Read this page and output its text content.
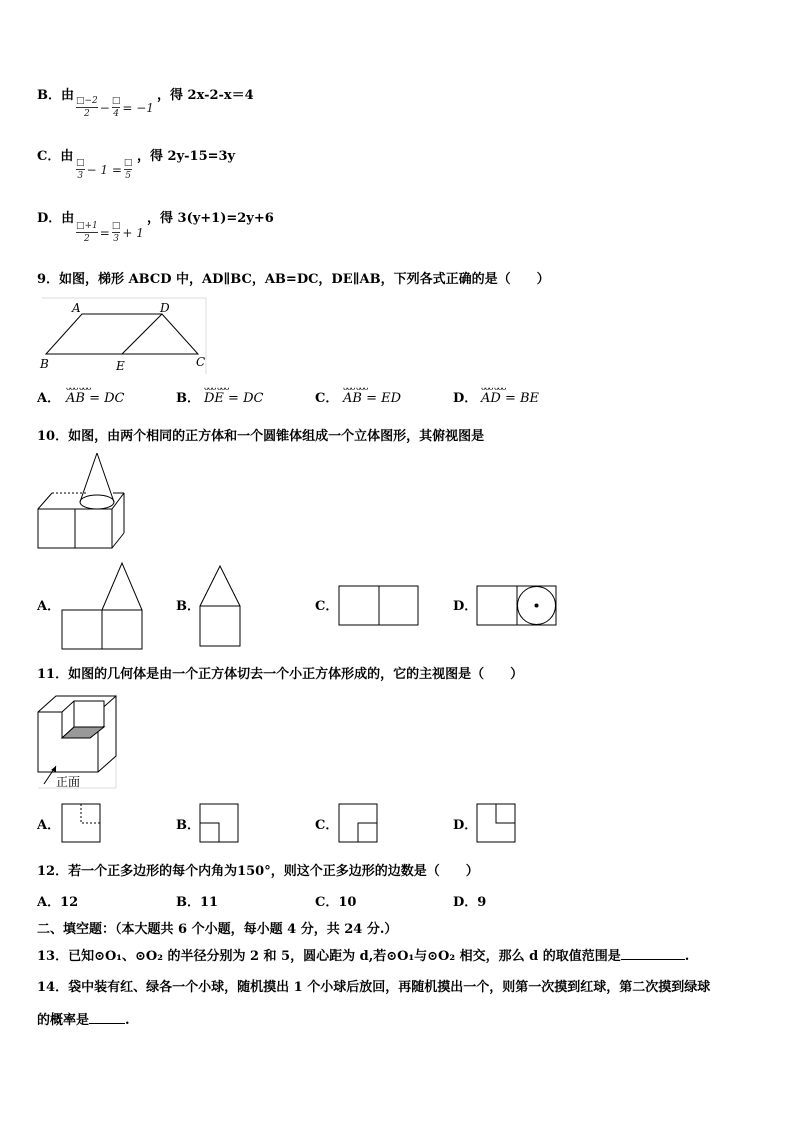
B．由 □−2
2 − □
4 = −1
，得 2x-2-x＝4
C．由 □
3 − 1 = □
5
，得 2y-15=3y
D．由 □+1
2 = □
3 + 1
，得 3(y+1)=2y+6
9．如图，梯形 ABCD 中，AD∥BC，AB=DC，DE∥AB，下列各式正确的是（　　）
A	D
B	E	C
A．
ᴗᴗᴗ ᴗᴗᴗ
AB = DC	B．
ᴗᴗᴗ ᴗᴗᴗ
DE = DC	C．
ᴗᴗᴗ ᴗᴗᴗ
AB = ED	D．
ᴗᴗᴗ ᴗᴗᴗ
AD = BE
10．如图，由两个相同的正方体和一个圆锥体组成一个立体图形，其俯视图是
A．	B．	C．	D．
11．如图的几何体是由一个正方体切去一个小正方体形成的，它的主视图是（　　）
正面
A．	B．	C．	D．
12．若一个正多边形的每个内角为150°，则这个正多边形的边数是（　　）
A．12	B．11	C．10	D．9
二、填空题：（本大题共 6 个小题，每小题 4 分，共 24 分.）
13．已知⊙O₁、⊙O₂ 的半径分别为 2 和 5，圆心距为 d,若⊙O₁与⊙O₂ 相交，那么 d 的取值范围是	.
14．袋中装有红、绿各一个小球，随机摸出 1 个小球后放回，再随机摸出一个，则第一次摸到红球，第二次摸到绿球
的概率是	.
